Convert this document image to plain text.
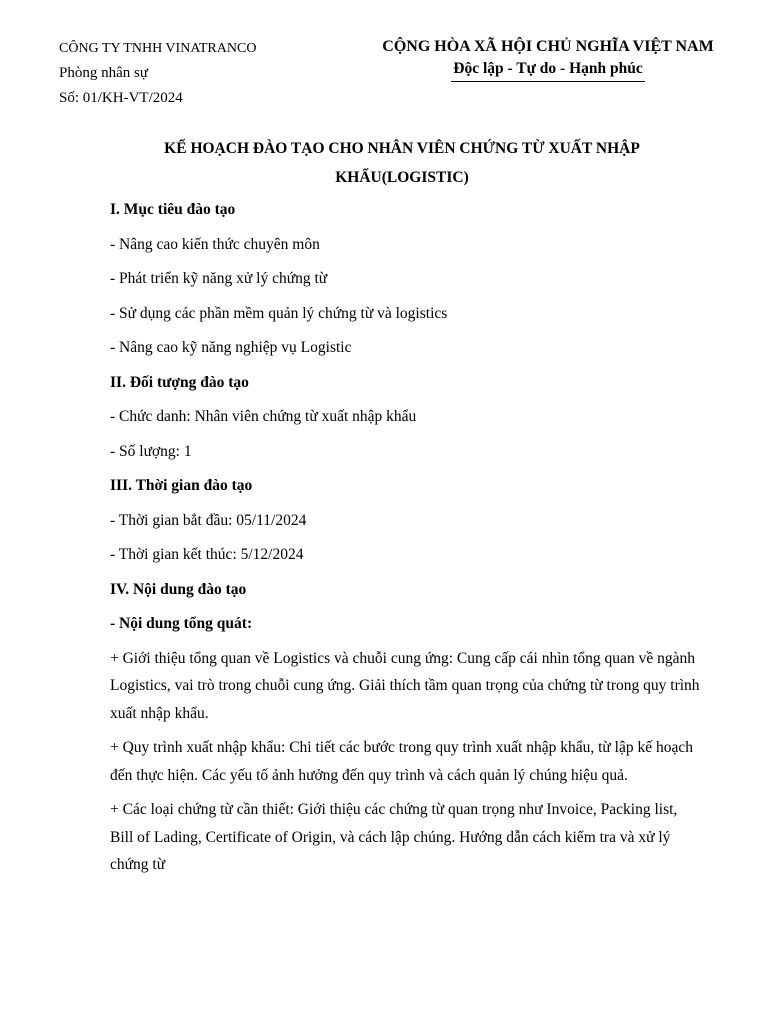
CÔNG TY TNHH VINATRANCO
Phòng nhân sự
Số: 01/KH-VT/2024
CỘNG HÒA XÃ HỘI CHỦ NGHĨA VIỆT NAM
Độc lập - Tự do - Hạnh phúc
KẾ HOẠCH ĐÀO TẠO CHO NHÂN VIÊN CHỨNG TỪ XUẤT NHẬP KHẨU(LOGISTIC)
I. Mục tiêu đào tạo
- Nâng cao kiến thức chuyên môn
- Phát triển kỹ năng xử lý chứng từ
- Sử dụng các phần mềm quản lý chứng từ và logistics
- Nâng cao kỹ năng nghiệp vụ Logistic
II. Đối tượng đào tạo
- Chức danh: Nhân viên chứng từ xuất nhập khẩu
- Số lượng: 1
III. Thời gian đào tạo
- Thời gian bắt đầu: 05/11/2024
- Thời gian kết thúc: 5/12/2024
IV. Nội dung đào tạo
- Nội dung tổng quát:
+ Giới thiệu tổng quan về Logistics và chuỗi cung ứng: Cung cấp cái nhìn tổng quan về ngành Logistics, vai trò trong chuỗi cung ứng. Giải thích tầm quan trọng của chứng từ trong quy trình xuất nhập khẩu.
+ Quy trình xuất nhập khẩu: Chi tiết các bước trong quy trình xuất nhập khẩu, từ lập kế hoạch đến thực hiện. Các yếu tố ảnh hưởng đến quy trình và cách quản lý chúng hiệu quả.
+ Các loại chứng từ cần thiết: Giới thiệu các chứng từ quan trọng như Invoice, Packing list, Bill of Lading, Certificate of Origin, và cách lập chúng. Hướng dẫn cách kiểm tra và xử lý chứng từ
